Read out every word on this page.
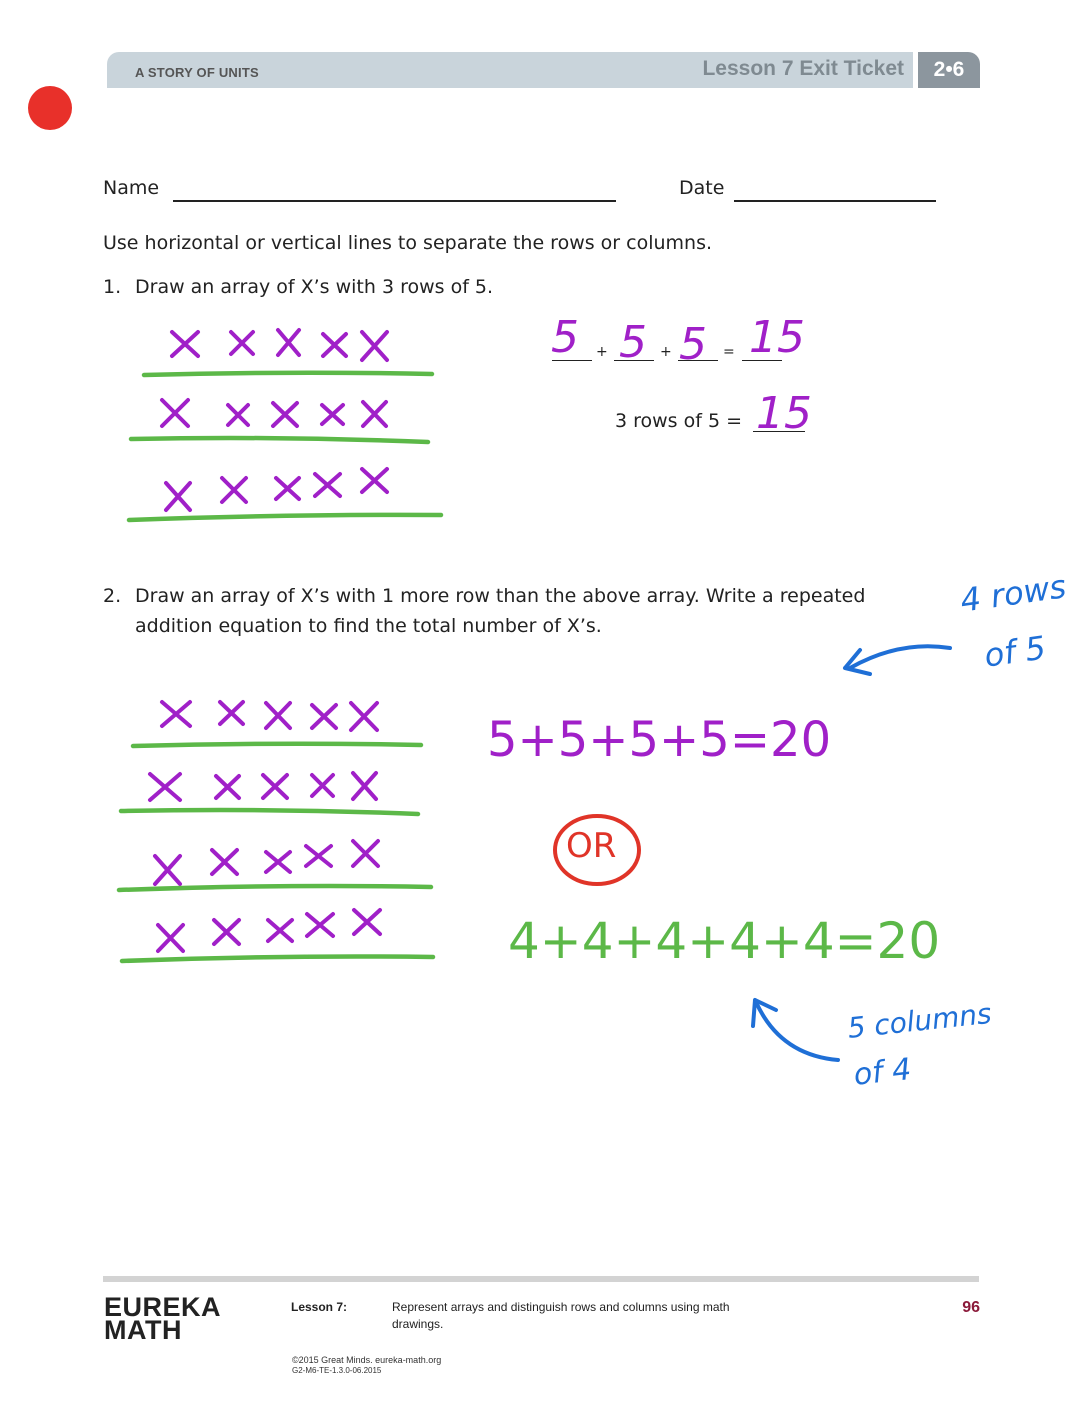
A STORY OF UNITS	Lesson 7 Exit Ticket	2•6
Name	Date
Use horizontal or vertical lines to separate the rows or columns.
1. Draw an array of X’s with 3 rows of 5.
+	+	=
3 rows of 5 =
2. Draw an array of X’s with 1 more row than the above array. Write a repeated
addition equation to find the total number of X’s.
5 5 5 15
15
5+5+5+5=20
OR
4+4+4+4+4=20
4 rows
of 5
5 columns
of 4
EUREKA
MATH
Lesson 7:	Represent arrays and distinguish rows and columns using math
drawings.
96
©2015 Great Minds. eureka-math.org
G2-M6-TE-1.3.0-06.2015
